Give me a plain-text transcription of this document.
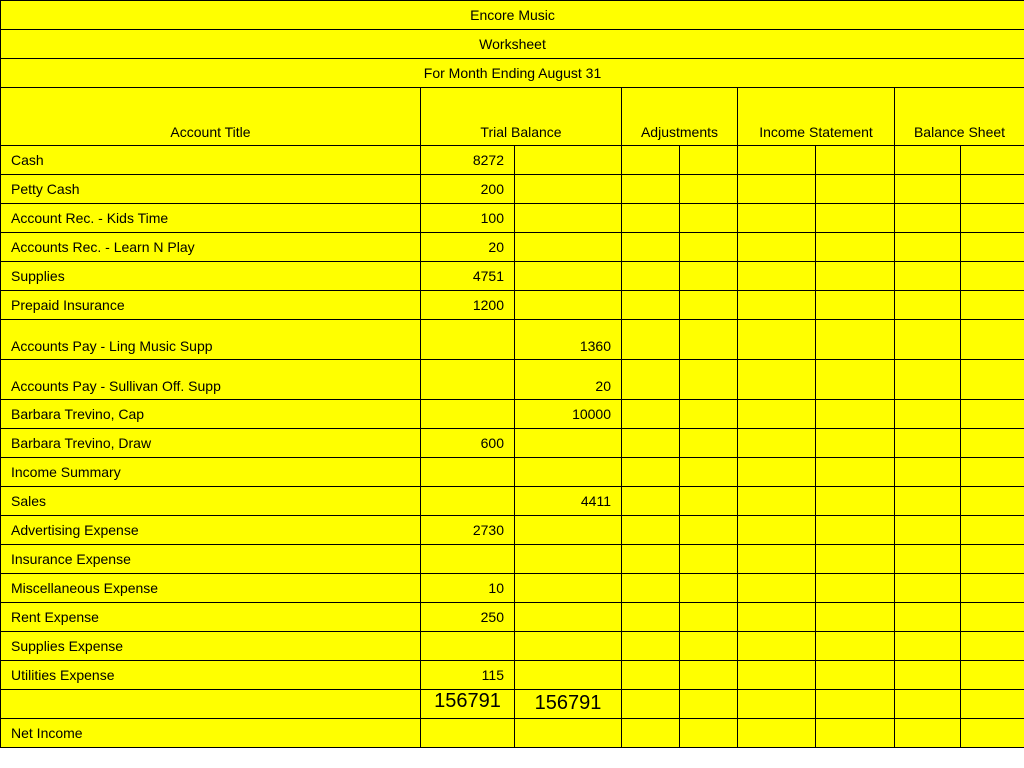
Encore Music								
Worksheet								
For Month Ending August 31								
Account Title	Trial Balance		Adjustments		Income Statement		Balance Sheet	
Cash	8272							
Petty Cash	200							
Account Rec. - Kids Time	100							
Accounts Rec. - Learn N Play	20							
Supplies	4751							
Prepaid Insurance	1200							
Accounts Pay - Ling Music Supp		1360						
Accounts Pay - Sullivan Off. Supp		20						
Barbara Trevino, Cap		10000						
Barbara Trevino, Draw	600							
Income Summary								
Sales		4411						
Advertising Expense	2730							
Insurance Expense								
Miscellaneous Expense	10							
Rent Expense	250							
Supplies Expense								
Utilities Expense	115							
	156791	156791						
Net Income								
